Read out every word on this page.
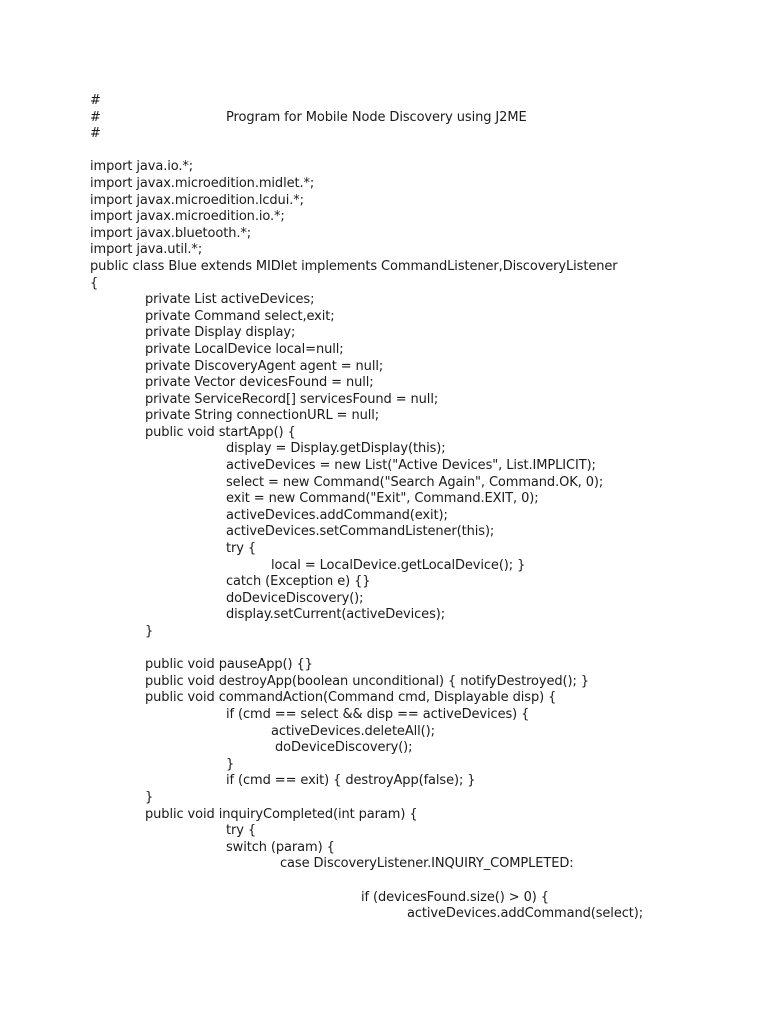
#
#	Program for Mobile Node Discovery using J2ME
#
import java.io.*;
import javax.microedition.midlet.*;
import javax.microedition.lcdui.*;
import javax.microedition.io.*;
import javax.bluetooth.*;
import java.util.*;
public class Blue extends MIDlet implements CommandListener,DiscoveryListener
{
private List activeDevices;
private Command select,exit;
private Display display;
private LocalDevice local=null;
private DiscoveryAgent agent = null;
private Vector devicesFound = null;
private ServiceRecord[] servicesFound = null;
private String connectionURL = null;
public void startApp() {
display = Display.getDisplay(this);
activeDevices = new List("Active Devices", List.IMPLICIT);
select = new Command("Search Again", Command.OK, 0);
exit = new Command("Exit", Command.EXIT, 0);
activeDevices.addCommand(exit);
activeDevices.setCommandListener(this);
try {
local = LocalDevice.getLocalDevice(); }
catch (Exception e) {}
doDeviceDiscovery();
display.setCurrent(activeDevices);
}
public void pauseApp() {}
public void destroyApp(boolean unconditional) { notifyDestroyed(); }
public void commandAction(Command cmd, Displayable disp) {
if (cmd == select && disp == activeDevices) {
activeDevices.deleteAll();
doDeviceDiscovery();
}
if (cmd == exit) { destroyApp(false); }
}
public void inquiryCompleted(int param) {
try {
switch (param) {
case DiscoveryListener.INQUIRY_COMPLETED:
if (devicesFound.size() > 0) {
activeDevices.addCommand(select);
